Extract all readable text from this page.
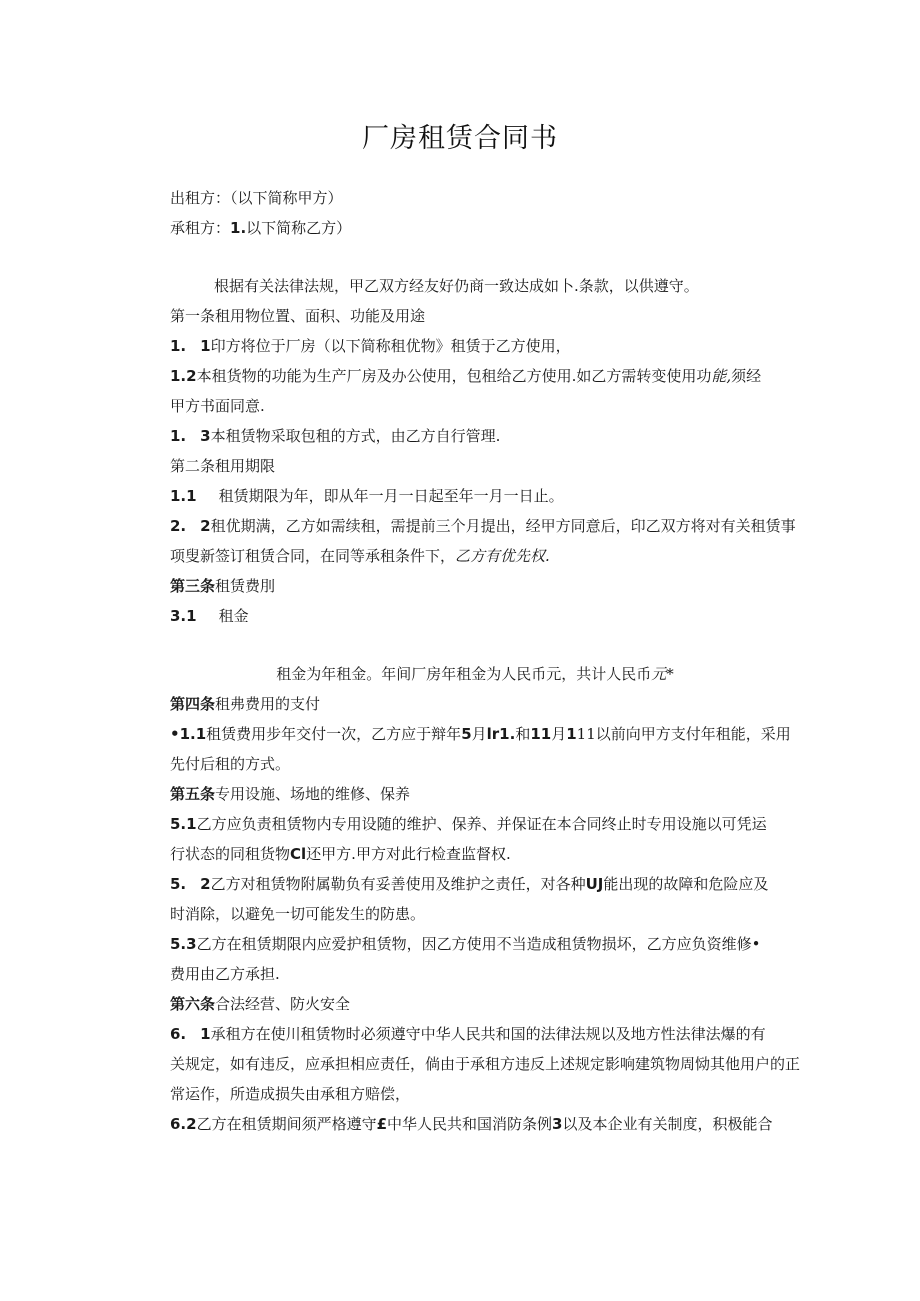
厂房租赁合同书

出租方：（以下简称甲方）

承租方：1.以下简称乙方）

根据有关法律法规，甲乙双方经友好仍商一致达成如卜.条款，以供遵守。

第一条租用物位置、面积、功能及用途

1. 1印方将位于厂房（以下简称租优物》租赁于乙方使用，

1.2本租货物的功能为生产厂房及办公使用，包租给乙方使用.如乙方需转变使用功能,须经

甲方书面同意.

1. 3本租赁物采取包租的方式，由乙方自行管理.

第二条租用期限

1.1 租赁期限为年，即从年一月一日起至年一月一日止。

2. 2租优期满，乙方如需续租，需提前三个月提出，经甲方同意后，印乙双方将对有关租赁事

项叟新签订租赁合同，在同等承租条件下，乙方有优先权.

第三条租赁费刖

3.1 租金

租金为年租金。年间厂房年租金为人民币元，共计人民币元*

第四条租弗费用的支付

•1.1租赁费用步年交付一次，乙方应于辩年5月lr1.和11月111以前向甲方支付年租能，采用

先付后租的方式。

第五条专用设施、场地的维修、保养

5.1乙方应负责租赁物内专用设随的维护、保养、并保证在本合同终止时专用设施以可凭运

行状态的同租货物Cl还甲方.甲方对此行检查监督权.

5. 2乙方对租赁物附属勒负有妥善使用及维护之责任，对各种UJ能出现的故障和危险应及

时消除，以避免一切可能发生的防患。

5.3乙方在租赁期限内应爱护租赁物，因乙方使用不当造成租赁物损坏，乙方应负资维修•

费用由乙方承担.

第六条合法经营、防火安全

6. 1承租方在使川租赁物时必须遵守中华人民共和国的法律法规以及地方性法律法爆的有

关规定，如有违反，应承担相应责任，倘由于承租方违反上述规定影响建筑物周恸其他用户的正

常运作，所造成损失由承租方赔偿，

6.2乙方在租赁期间须严格遵守£中华人民共和国消防条例3以及本企业有关制度，积极能合
